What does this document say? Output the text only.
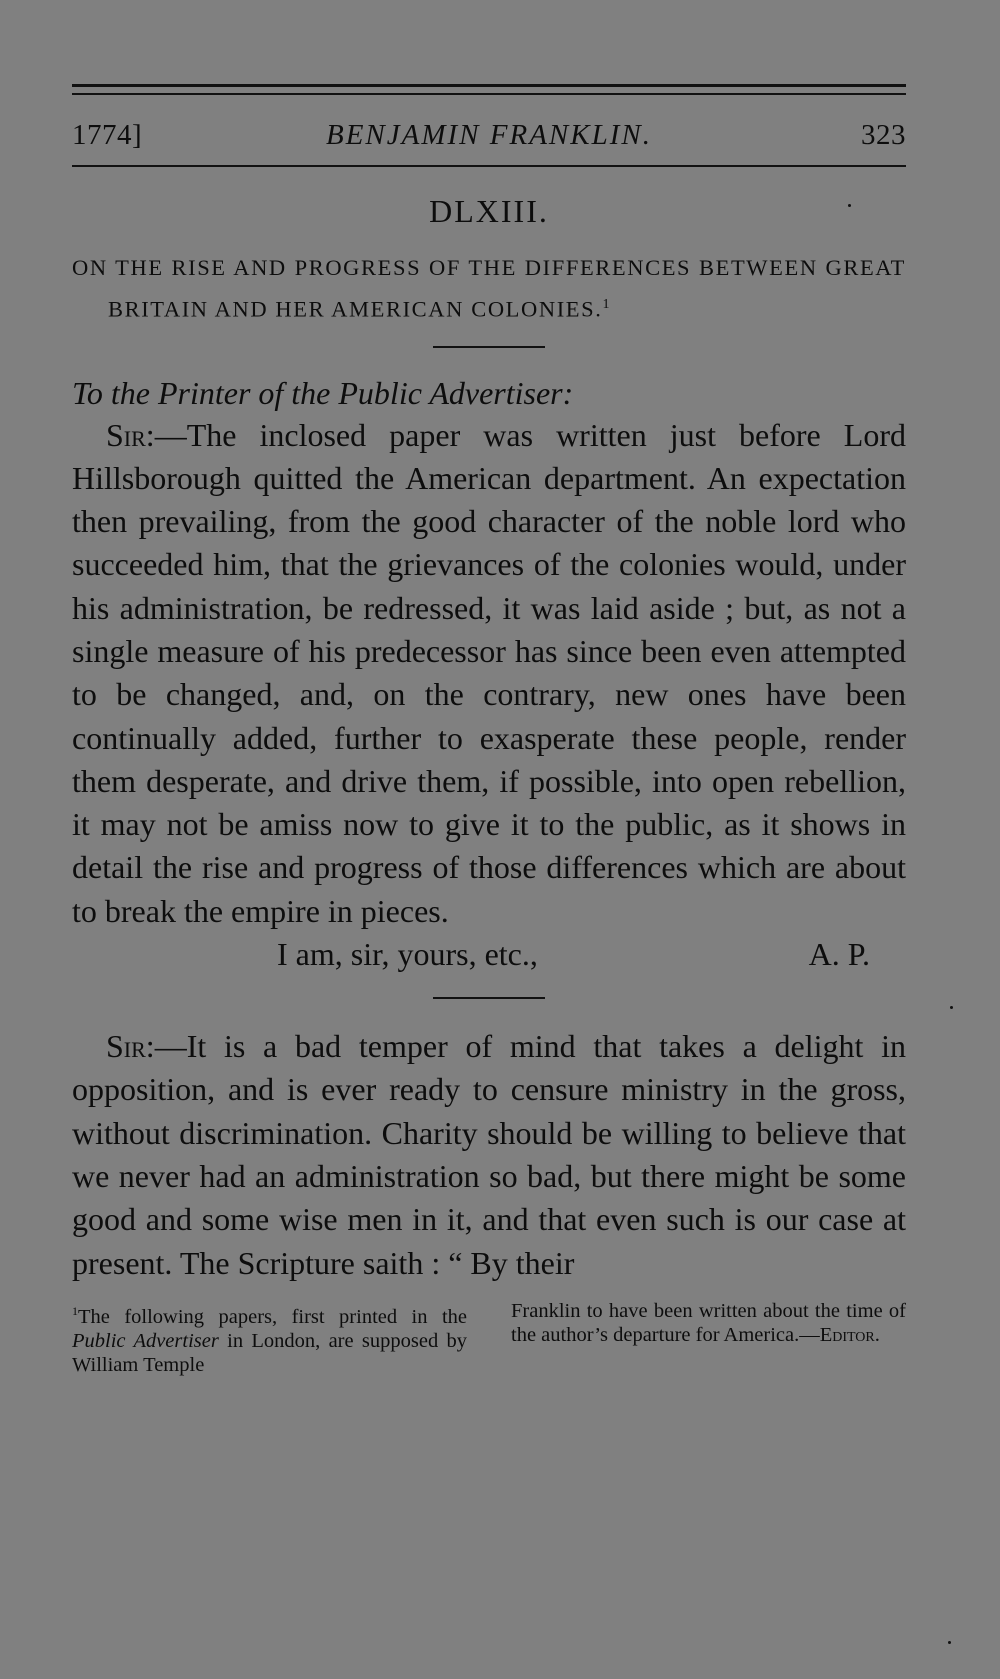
1774]	BENJAMIN FRANKLIN.	323
DLXIII.
ON THE RISE AND PROGRESS OF THE DIFFERENCES BETWEEN GREAT BRITAIN AND HER AMERICAN COLONIES.$^1$
To the Printer of the Public Advertiser:

Sir:—The inclosed paper was written just before Lord Hillsborough quitted the American department. An expectation then prevailing, from the good character of the noble lord who succeeded him, that the grievances of the colonies would, under his administration, be redressed, it was laid aside ; but, as not a single measure of his predecessor has since been even attempted to be changed, and, on the contrary, new ones have been continually added, further to exasperate these people, render them desperate, and drive them, if possible, into open rebellion, it may not be amiss now to give it to the public, as it shows in detail the rise and progress of those differences which are about to break the empire in pieces.

I am, sir, yours, etc.,	A. P.

Sir:—It is a bad temper of mind that takes a delight in opposition, and is ever ready to censure ministry in the gross, without discrimination. Charity should be willing to believe that we never had an administration so bad, but there might be some good and some wise men in it, and that even such is our case at present. The Scripture saith : “ By their

$^1$The following papers, first printed in the Public Advertiser in London, are supposed by William Temple
Franklin to have been written about the time of the author’s departure for America.—Editor.
